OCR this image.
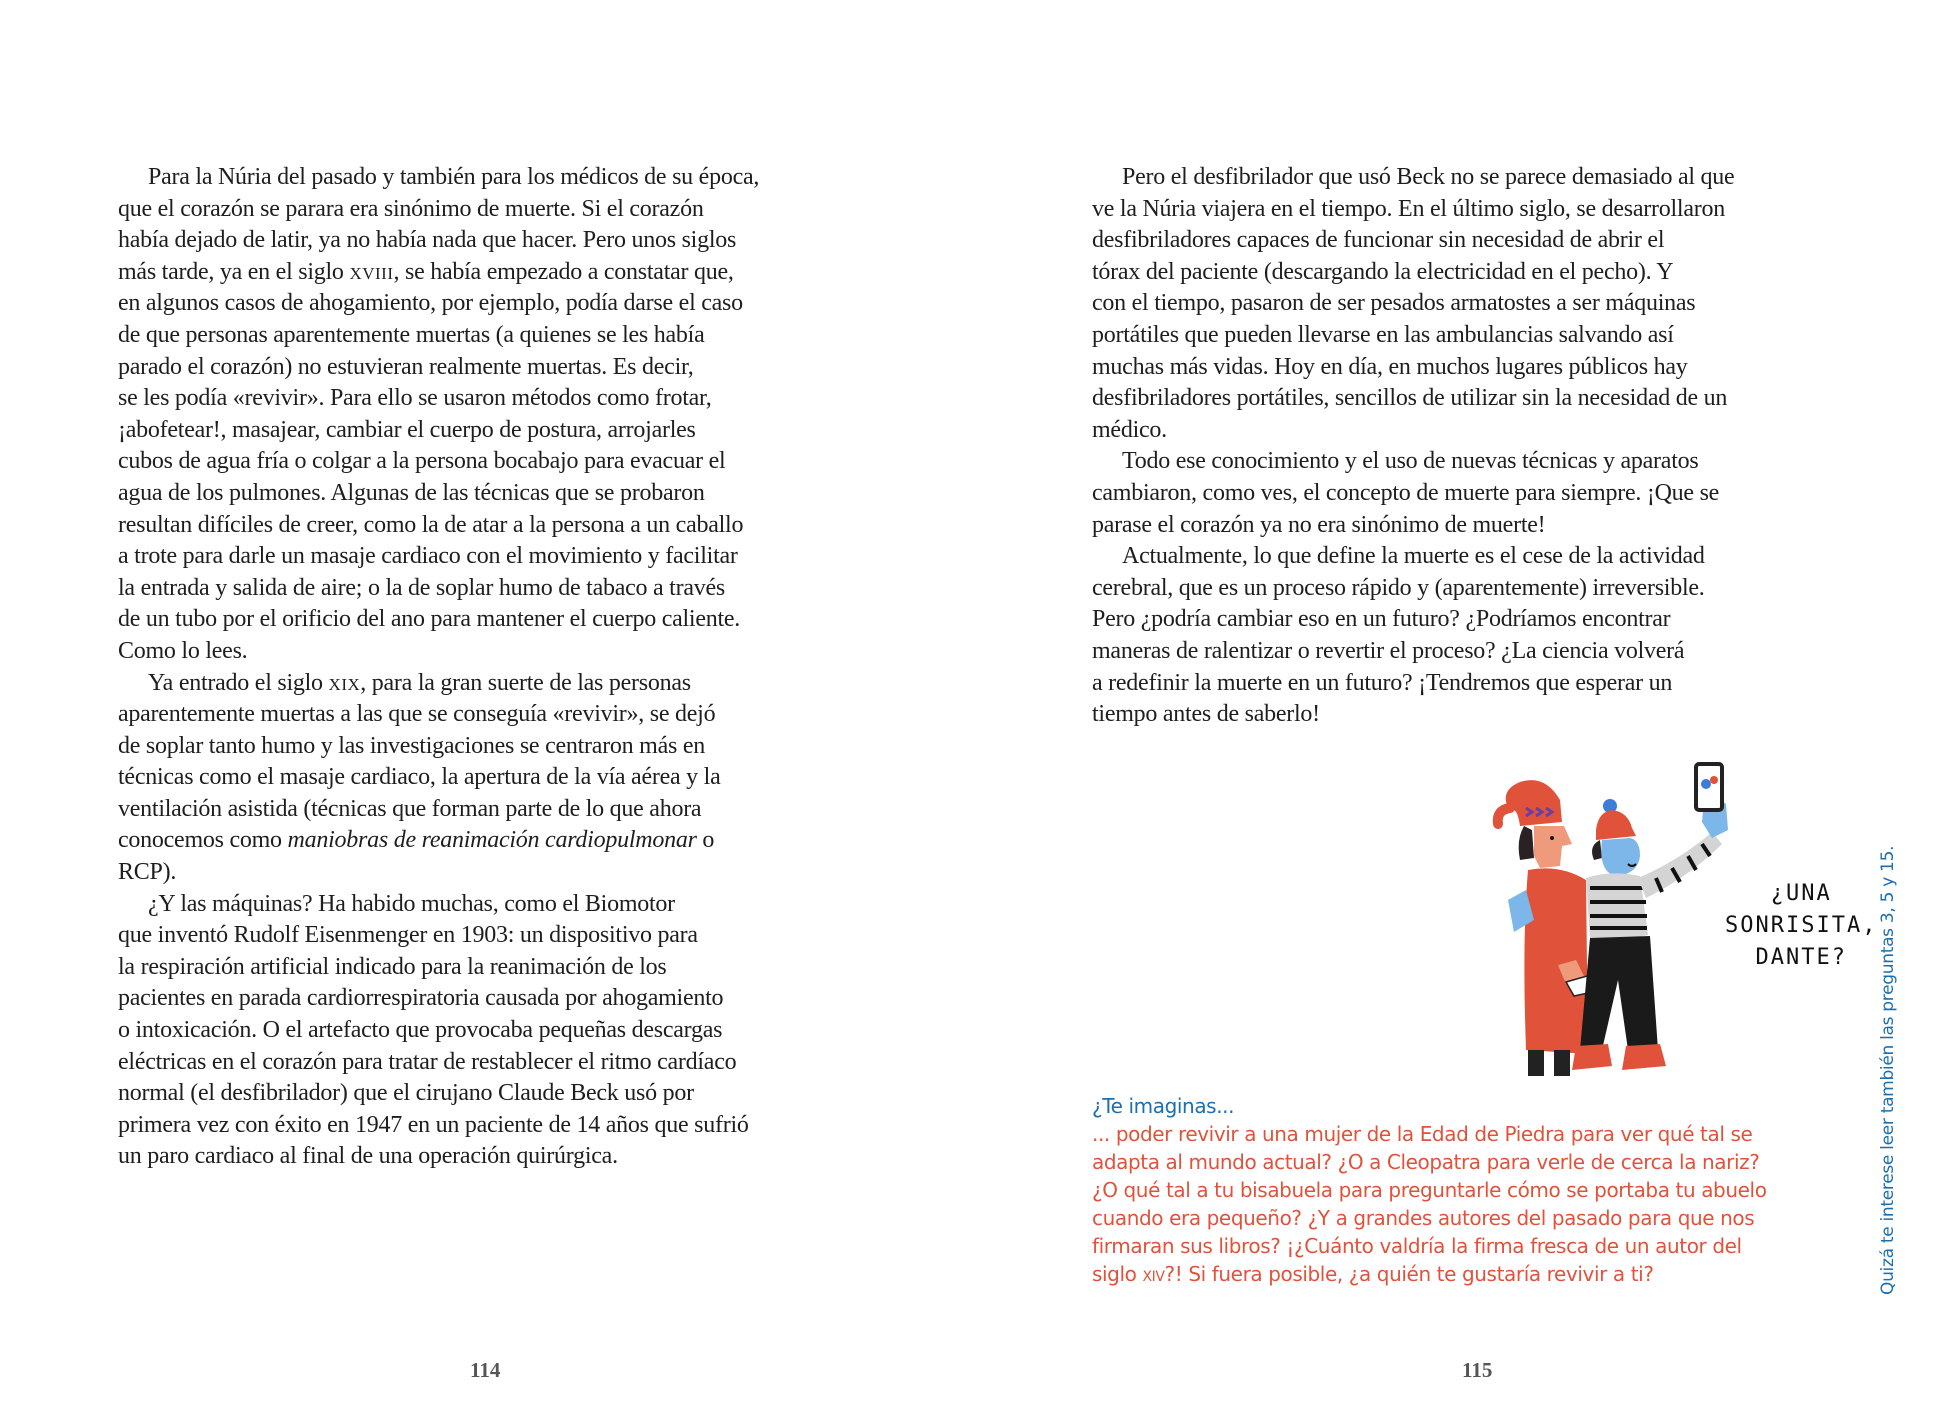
Para la Núria del pasado y también para los médicos de su época,
que el corazón se parara era sinónimo de muerte. Si el corazón
había dejado de latir, ya no había nada que hacer. Pero unos siglos
más tarde, ya en el siglo XVIII, se había empezado a constatar que,
en algunos casos de ahogamiento, por ejemplo, podía darse el caso
de que personas aparentemente muertas (a quienes se les había
parado el corazón) no estuvieran realmente muertas. Es decir,
se les podía «revivir». Para ello se usaron métodos como frotar,
¡abofetear!, masajear, cambiar el cuerpo de postura, arrojarles
cubos de agua fría o colgar a la persona bocabajo para evacuar el
agua de los pulmones. Algunas de las técnicas que se probaron
resultan difíciles de creer, como la de atar a la persona a un caballo
a trote para darle un masaje cardiaco con el movimiento y facilitar
la entrada y salida de aire; o la de soplar humo de tabaco a través
de un tubo por el orificio del ano para mantener el cuerpo caliente.
Como lo lees.
Ya entrado el siglo XIX, para la gran suerte de las personas
aparentemente muertas a las que se conseguía «revivir», se dejó
de soplar tanto humo y las investigaciones se centraron más en
técnicas como el masaje cardiaco, la apertura de la vía aérea y la
ventilación asistida (técnicas que forman parte de lo que ahora
conocemos como maniobras de reanimación cardiopulmonar o
RCP).
¿Y las máquinas? Ha habido muchas, como el Biomotor
que inventó Rudolf Eisenmenger en 1903: un dispositivo para
la respiración artificial indicado para la reanimación de los
pacientes en parada cardiorrespiratoria causada por ahogamiento
o intoxicación. O el artefacto que provocaba pequeñas descargas
eléctricas en el corazón para tratar de restablecer el ritmo cardíaco
normal (el desfibrilador) que el cirujano Claude Beck usó por
primera vez con éxito en 1947 en un paciente de 14 años que sufrió
un paro cardiaco al final de una operación quirúrgica.
114
Pero el desfibrilador que usó Beck no se parece demasiado al que
ve la Núria viajera en el tiempo. En el último siglo, se desarrollaron
desfibriladores capaces de funcionar sin necesidad de abrir el
tórax del paciente (descargando la electricidad en el pecho). Y
con el tiempo, pasaron de ser pesados armatostes a ser máquinas
portátiles que pueden llevarse en las ambulancias salvando así
muchas más vidas. Hoy en día, en muchos lugares públicos hay
desfibriladores portátiles, sencillos de utilizar sin la necesidad de un
médico.
Todo ese conocimiento y el uso de nuevas técnicas y aparatos
cambiaron, como ves, el concepto de muerte para siempre. ¡Que se
parase el corazón ya no era sinónimo de muerte!
Actualmente, lo que define la muerte es el cese de la actividad
cerebral, que es un proceso rápido y (aparentemente) irreversible.
Pero ¿podría cambiar eso en un futuro? ¿Podríamos encontrar
maneras de ralentizar o revertir el proceso? ¿La ciencia volverá
a redefinir la muerte en un futuro? ¡Tendremos que esperar un
tiempo antes de saberlo!
¿Te imaginas...
... poder revivir a una mujer de la Edad de Piedra para ver qué tal se
adapta al mundo actual? ¿O a Cleopatra para verle de cerca la nariz?
¿O qué tal a tu bisabuela para preguntarle cómo se portaba tu abuelo
cuando era pequeño? ¿Y a grandes autores del pasado para que nos
firmaran sus libros? ¡¿Cuánto valdría la firma fresca de un autor del
siglo XIV?! Si fuera posible, ¿a quién te gustaría revivir a ti?
115
¿UNA
SONRISITA,
DANTE?	Quizá te interese leer también las preguntas 3, 5 y 15.
